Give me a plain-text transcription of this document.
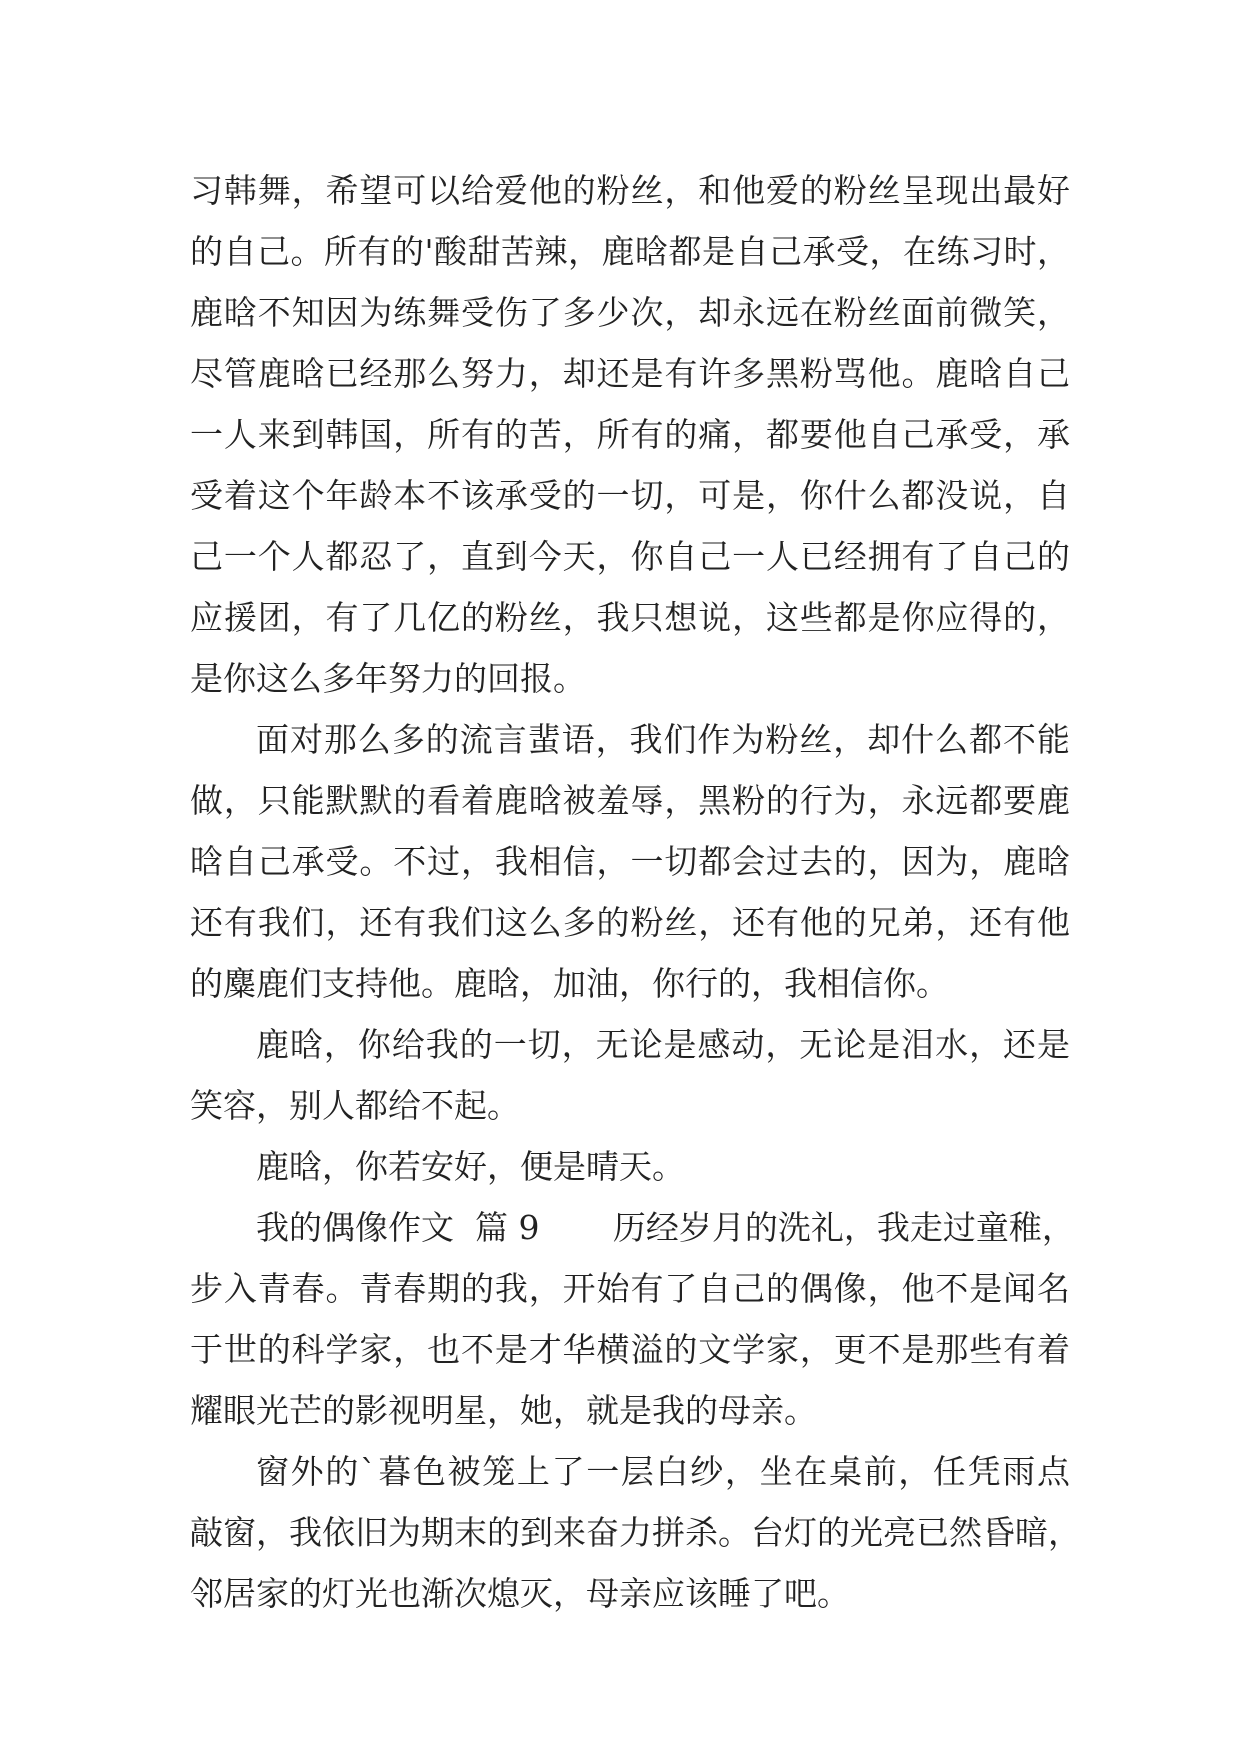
习韩舞，希望可以给爱他的粉丝，和他爱的粉丝呈现出最好
的自己。所有的'酸甜苦辣，鹿晗都是自己承受，在练习时，
鹿晗不知因为练舞受伤了多少次，却永远在粉丝面前微笑，
尽管鹿晗已经那么努力，却还是有许多黑粉骂他。鹿晗自己
一人来到韩国，所有的苦，所有的痛，都要他自己承受，承
受着这个年龄本不该承受的一切，可是，你什么都没说，自
己一个人都忍了，直到今天，你自己一人已经拥有了自己的
应援团，有了几亿的粉丝，我只想说，这些都是你应得的，
是你这么多年努力的回报。
面对那么多的流言蜚语，我们作为粉丝，却什么都不能
做，只能默默的看着鹿晗被羞辱，黑粉的行为，永远都要鹿
晗自己承受。不过，我相信，一切都会过去的，因为，鹿晗
还有我们，还有我们这么多的粉丝，还有他的兄弟，还有他
的麋鹿们支持他。鹿晗，加油，你行的，我相信你。
鹿晗，你给我的一切，无论是感动，无论是泪水，还是
笑容，别人都给不起。
鹿晗，你若安好，便是晴天。
我的偶像作文  篇 9       历经岁月的洗礼，我走过童稚，
步入青春。青春期的我，开始有了自己的偶像，他不是闻名
于世的科学家，也不是才华横溢的文学家，更不是那些有着
耀眼光芒的影视明星，她，就是我的母亲。
窗外的`暮色被笼上了一层白纱，坐在桌前，任凭雨点
敲窗，我依旧为期末的到来奋力拼杀。台灯的光亮已然昏暗，
邻居家的灯光也渐次熄灭，母亲应该睡了吧。
